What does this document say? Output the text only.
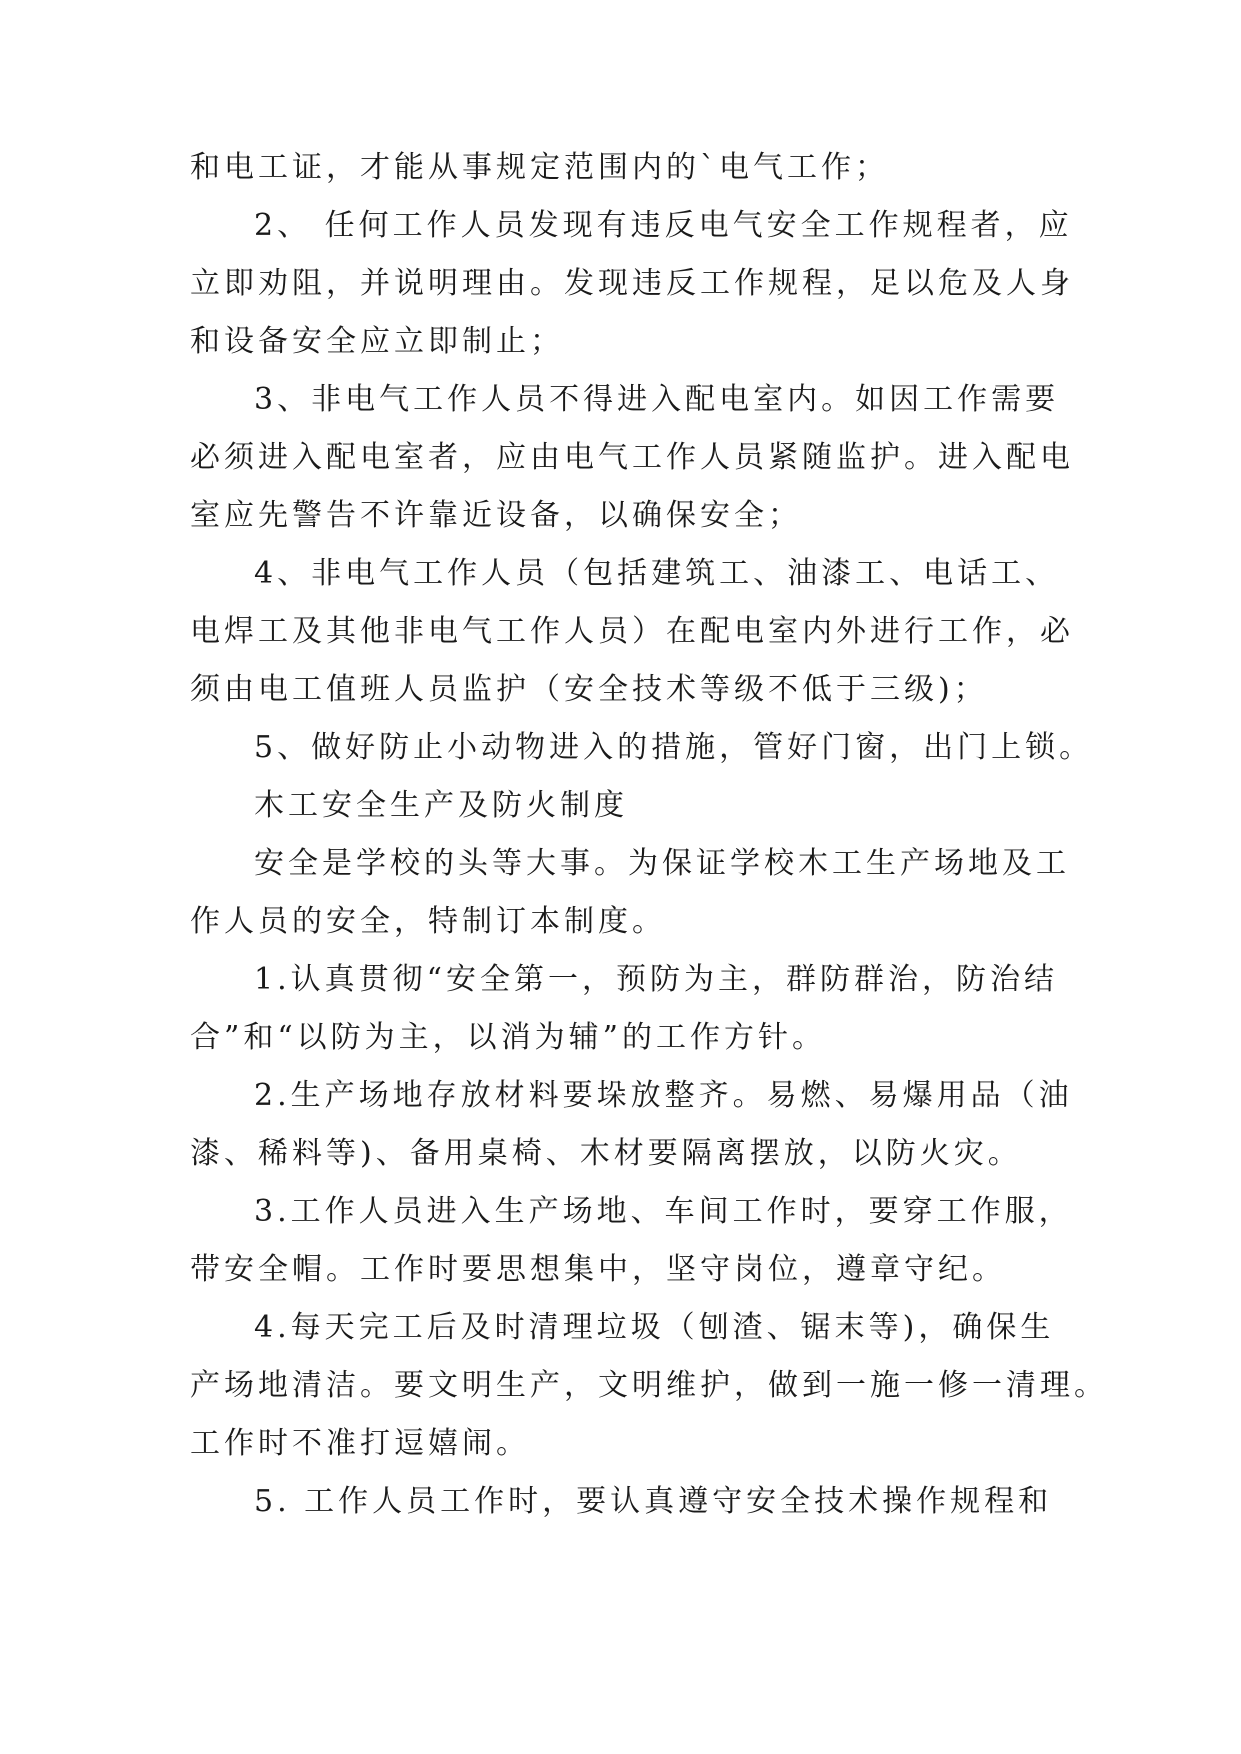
和电工证，才能从事规定范围内的`电气工作；
2、 任何工作人员发现有违反电气安全工作规程者，应
立即劝阻，并说明理由。发现违反工作规程，足以危及人身
和设备安全应立即制止；
3、非电气工作人员不得进入配电室内。如因工作需要
必须进入配电室者，应由电气工作人员紧随监护。进入配电
室应先警告不许靠近设备，以确保安全；
4、非电气工作人员（包括建筑工、油漆工、电话工、
电焊工及其他非电气工作人员）在配电室内外进行工作，必
须由电工值班人员监护（安全技术等级不低于三级)；
5、做好防止小动物进入的措施，管好门窗，出门上锁。
木工安全生产及防火制度
安全是学校的头等大事。为保证学校木工生产场地及工
作人员的安全，特制订本制度。
1.认真贯彻“安全第一，预防为主，群防群治，防治结
合”和“以防为主，以消为辅”的工作方针。
2.生产场地存放材料要垛放整齐。易燃、易爆用品（油
漆、稀料等)、备用桌椅、木材要隔离摆放，以防火灾。
3.工作人员进入生产场地、车间工作时，要穿工作服，
带安全帽。工作时要思想集中，坚守岗位，遵章守纪。
4.每天完工后及时清理垃圾（刨渣、锯末等)，确保生
产场地清洁。要文明生产，文明维护，做到一施一修一清理。
工作时不准打逗嬉闹。
5. 工作人员工作时，要认真遵守安全技术操作规程和
